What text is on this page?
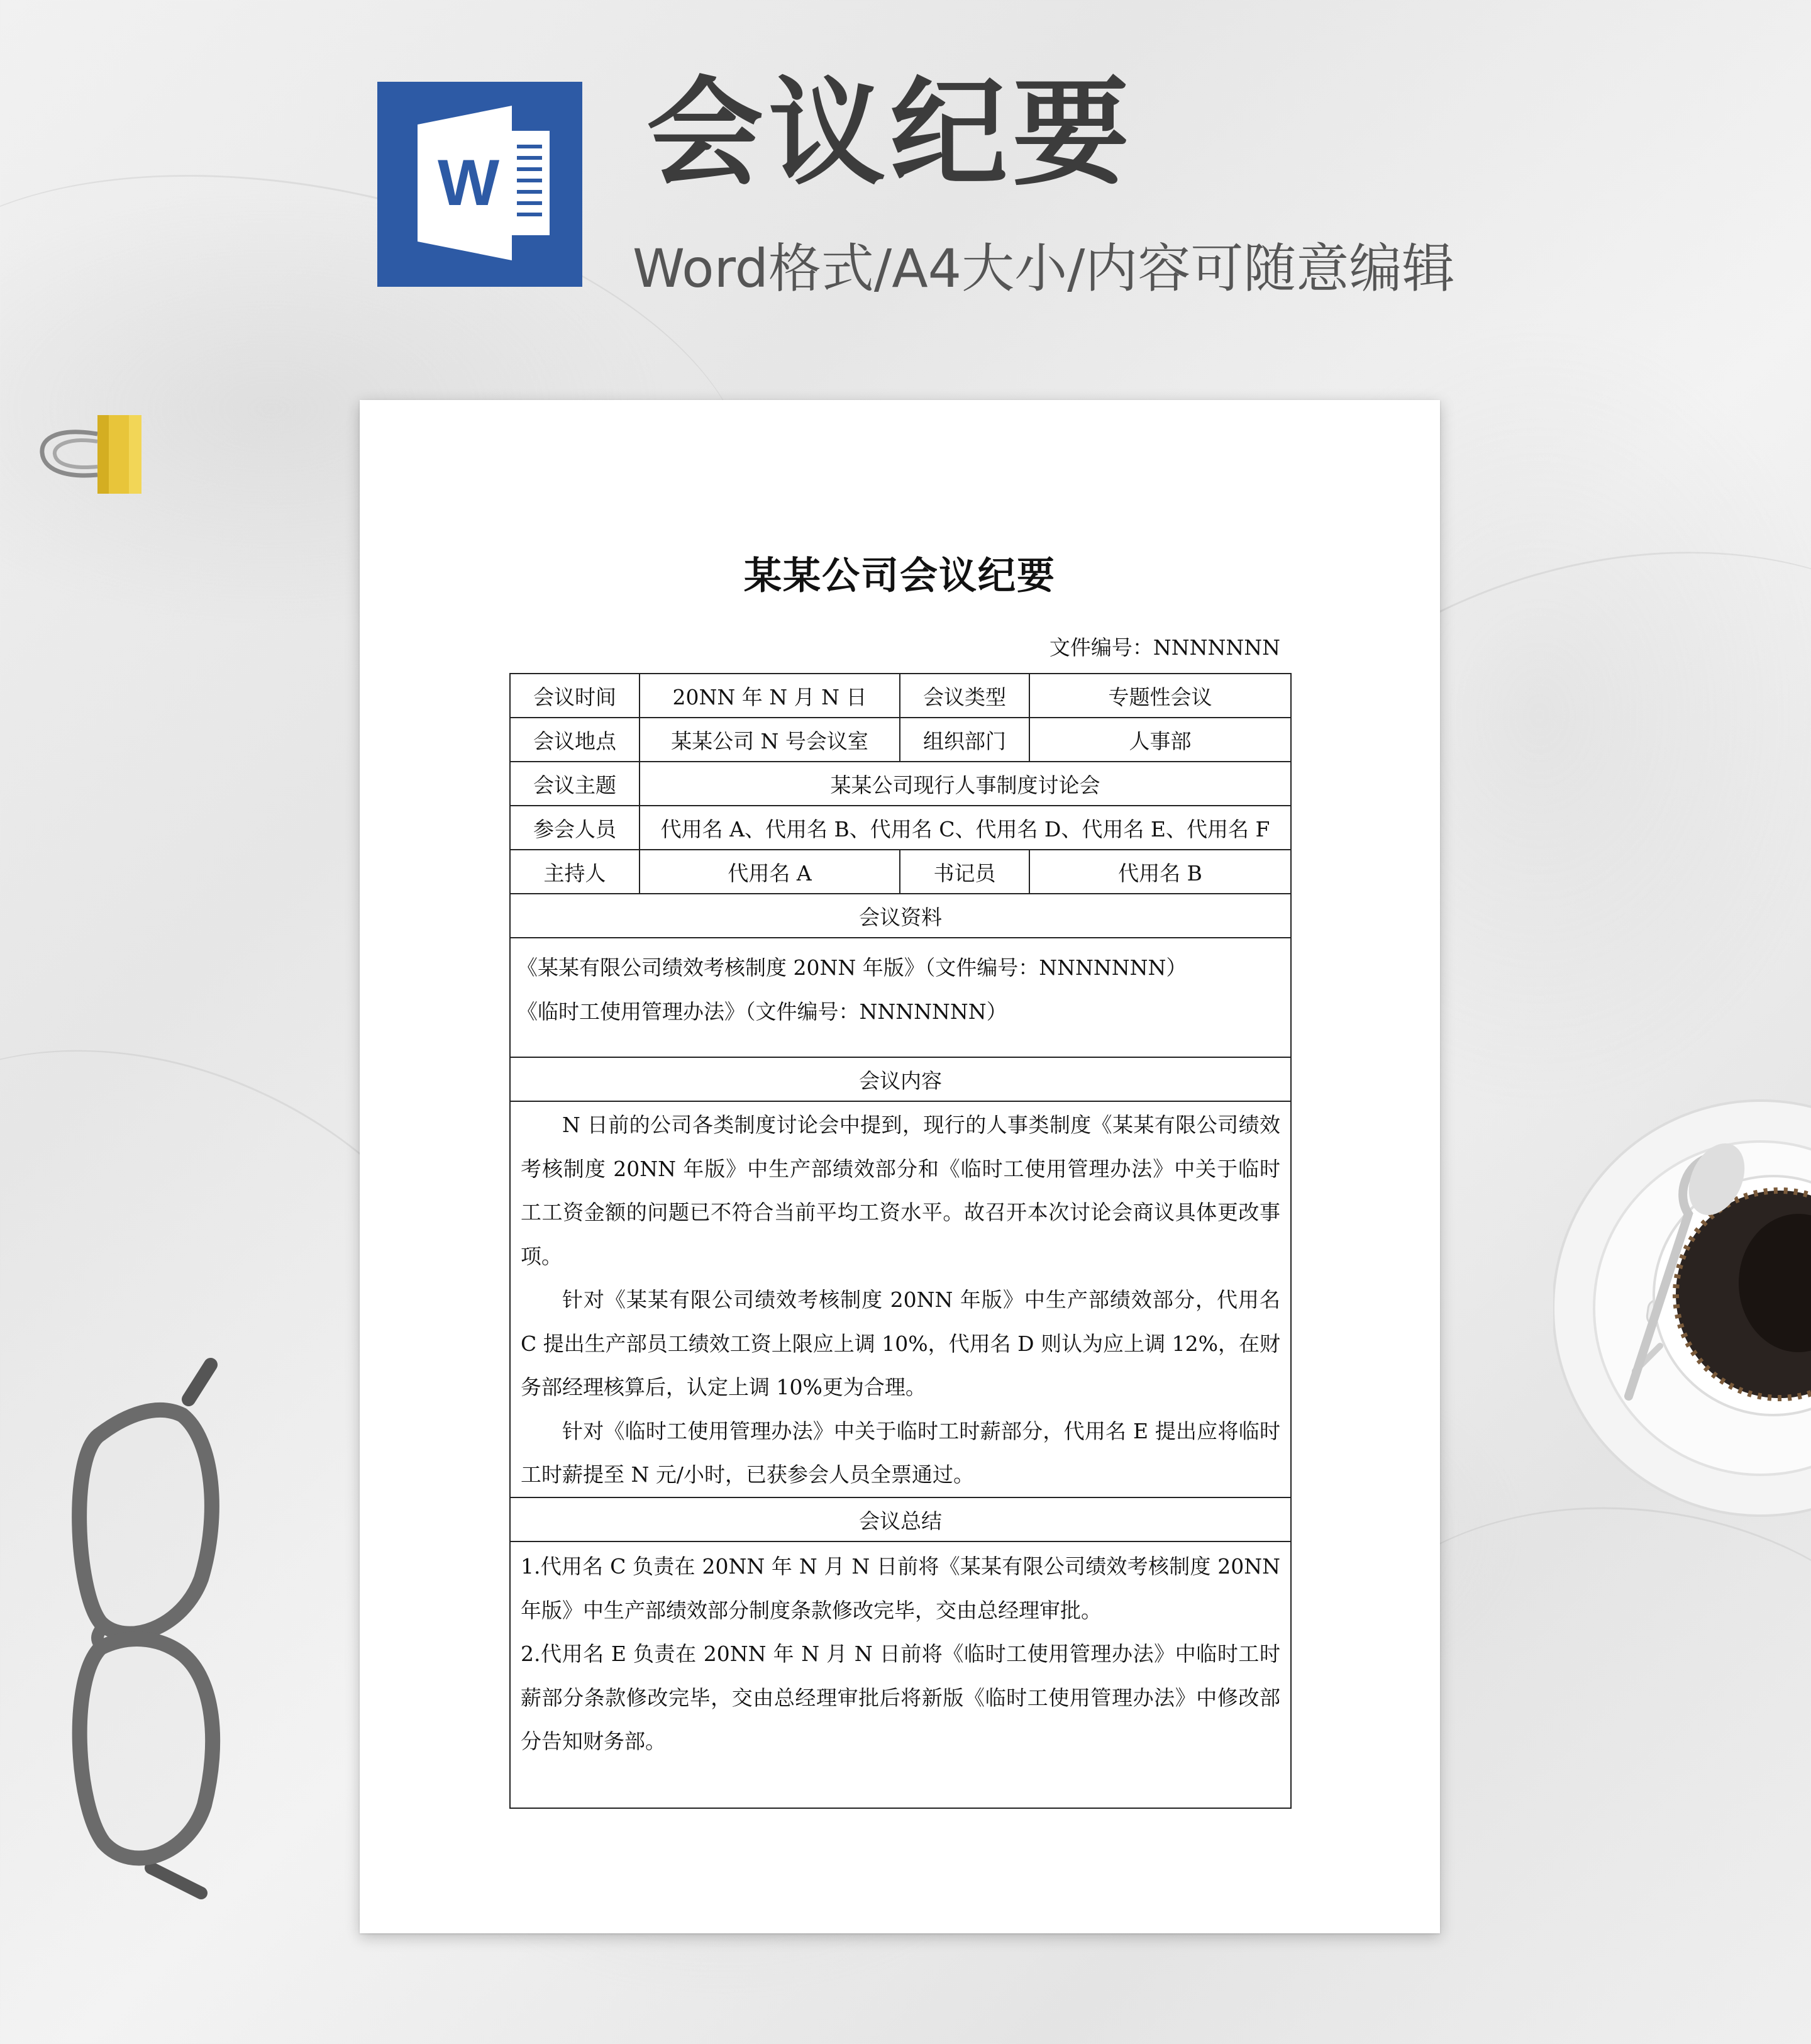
W 会议纪要
Word格式/A4大小/内容可随意编辑
某某公司会议纪要
文件编号：NNNNNNN
会议时间	20NN 年 N 月 N 日	会议类型	专题性会议
会议地点	某某公司 N 号会议室	组织部门	人事部
会议主题	某某公司现行人事制度讨论会		
参会人员	代用名 A、代用名 B、代用名 C、代用名 D、代用名 E、代用名 F		
主持人	代用名 A	书记员	代用名 B
会议资料			

《某某有限公司绩效考核制度 20NN 年版》（文件编号：NNNNNNN）
《临时工使用管理办法》（文件编号：NNNNNNN）			

会议内容			

N 日前的公司各类制度讨论会中提到，现行的人事类制度《某某有限公司绩效考核制度 20NN 年版》中生产部绩效部分和《临时工使用管理办法》中关于临时工工资金额的问题已不符合当前平均工资水平。故召开本次讨论会商议具体更改事项。
针对《某某有限公司绩效考核制度 20NN 年版》中生产部绩效部分，代用名 C 提出生产部员工绩效工资上限应上调 10%，代用名 D 则认为应上调 12%，在财务部经理核算后，认定上调 10%更为合理。
针对《临时工使用管理办法》中关于临时工时薪部分，代用名 E 提出应将临时工时薪提至 N 元/小时，已获参会人员全票通过。			

会议总结			

1.代用名 C 负责在 20NN 年 N 月 N 日前将《某某有限公司绩效考核制度 20NN 年版》中生产部绩效部分制度条款修改完毕，交由总经理审批。
2.代用名 E 负责在 20NN 年 N 月 N 日前将《临时工使用管理办法》中临时工时薪部分条款修改完毕，交由总经理审批后将新版《临时工使用管理办法》中修改部分告知财务部。			
